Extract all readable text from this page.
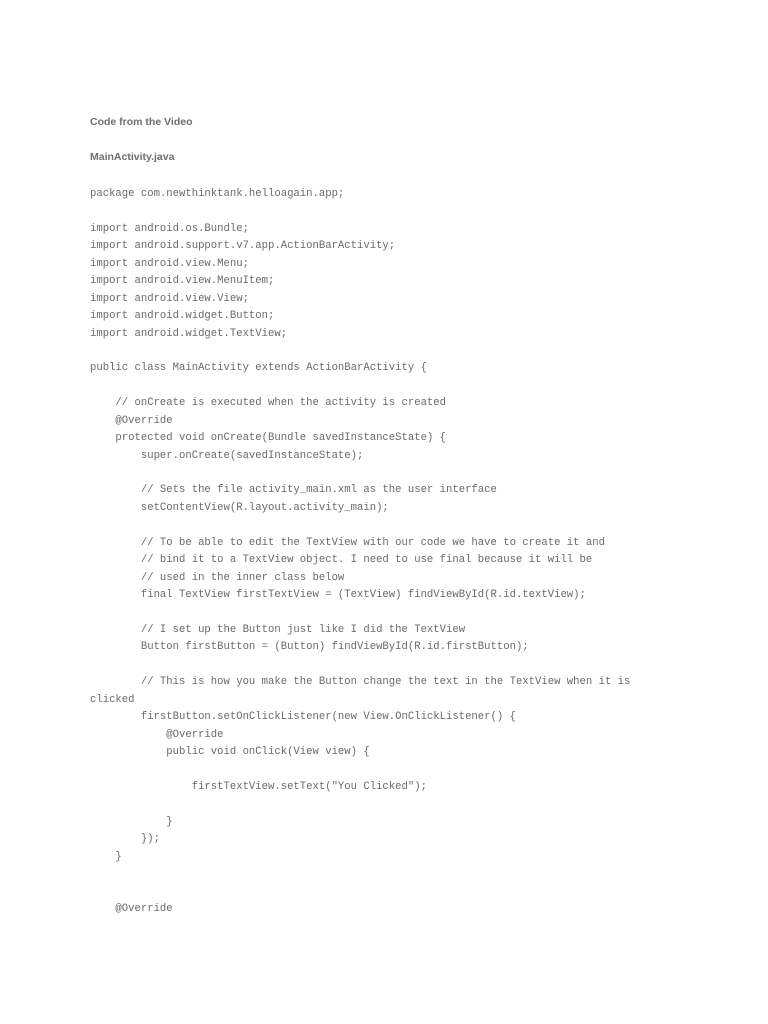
Code from the Video
MainActivity.java
package com.newthinktank.helloagain.app;
import android.os.Bundle;
import android.support.v7.app.ActionBarActivity;
import android.view.Menu;
import android.view.MenuItem;
import android.view.View;
import android.widget.Button;
import android.widget.TextView;
public class MainActivity extends ActionBarActivity {
// onCreate is executed when the activity is created
@Override
protected void onCreate(Bundle savedInstanceState) {
super.onCreate(savedInstanceState);
// Sets the file activity_main.xml as the user interface
setContentView(R.layout.activity_main);
// To be able to edit the TextView with our code we have to create it and
// bind it to a TextView object. I need to use final because it will be
// used in the inner class below
final TextView firstTextView = (TextView) findViewById(R.id.textView);
// I set up the Button just like I did the TextView
Button firstButton = (Button) findViewById(R.id.firstButton);
// This is how you make the Button change the text in the TextView when it is
clicked
firstButton.setOnClickListener(new View.OnClickListener() {
@Override
public void onClick(View view) {
firstTextView.setText("You Clicked");
}
});
}
@Override
